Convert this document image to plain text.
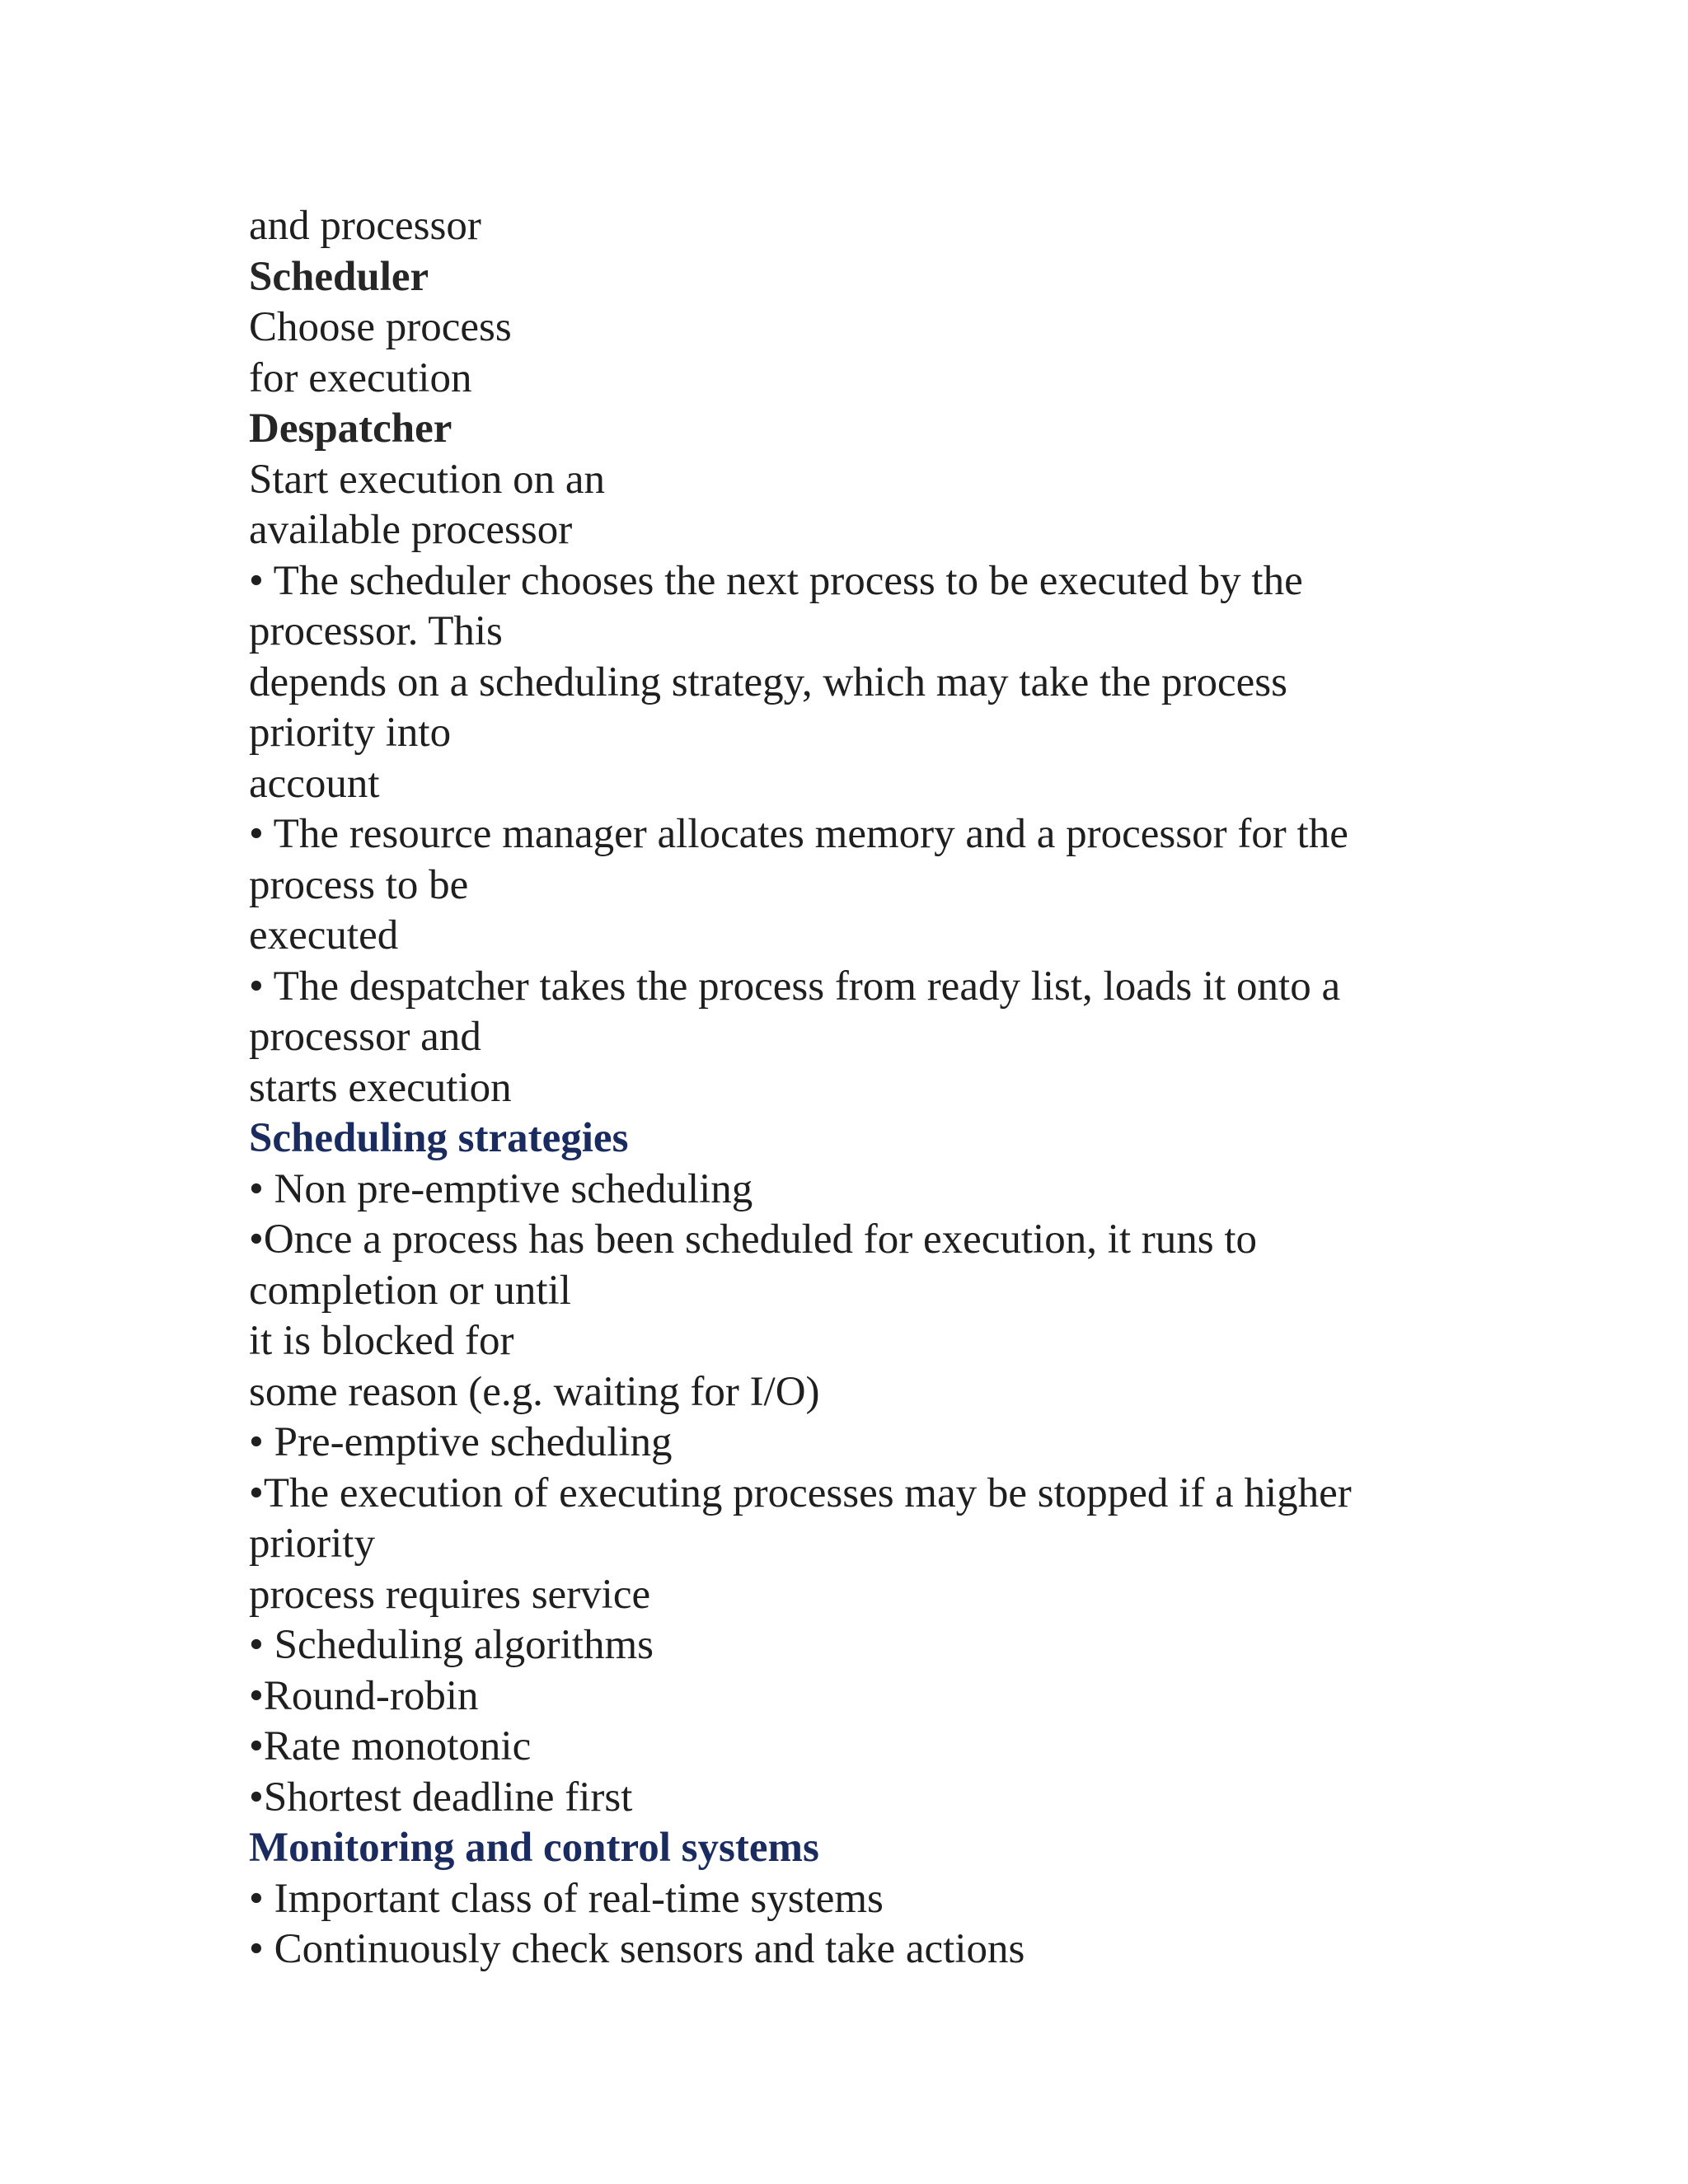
and processor
Scheduler
Choose process
for execution
Despatcher
Start execution on an
available processor
• The scheduler chooses the next process to be executed by the
processor. This
depends on a scheduling strategy, which may take the process
priority into
account
• The resource manager allocates memory and a processor for the
process to be
executed
• The despatcher takes the process from ready list, loads it onto a
processor and
starts execution
Scheduling strategies
• Non pre-emptive scheduling
•Once a process has been scheduled for execution, it runs to
completion or until
it is blocked for
some reason (e.g. waiting for I/O)
• Pre-emptive scheduling
•The execution of executing processes may be stopped if a higher
priority
process requires service
• Scheduling algorithms
•Round-robin
•Rate monotonic
•Shortest deadline first
Monitoring and control systems
• Important class of real-time systems
• Continuously check sensors and take actions
